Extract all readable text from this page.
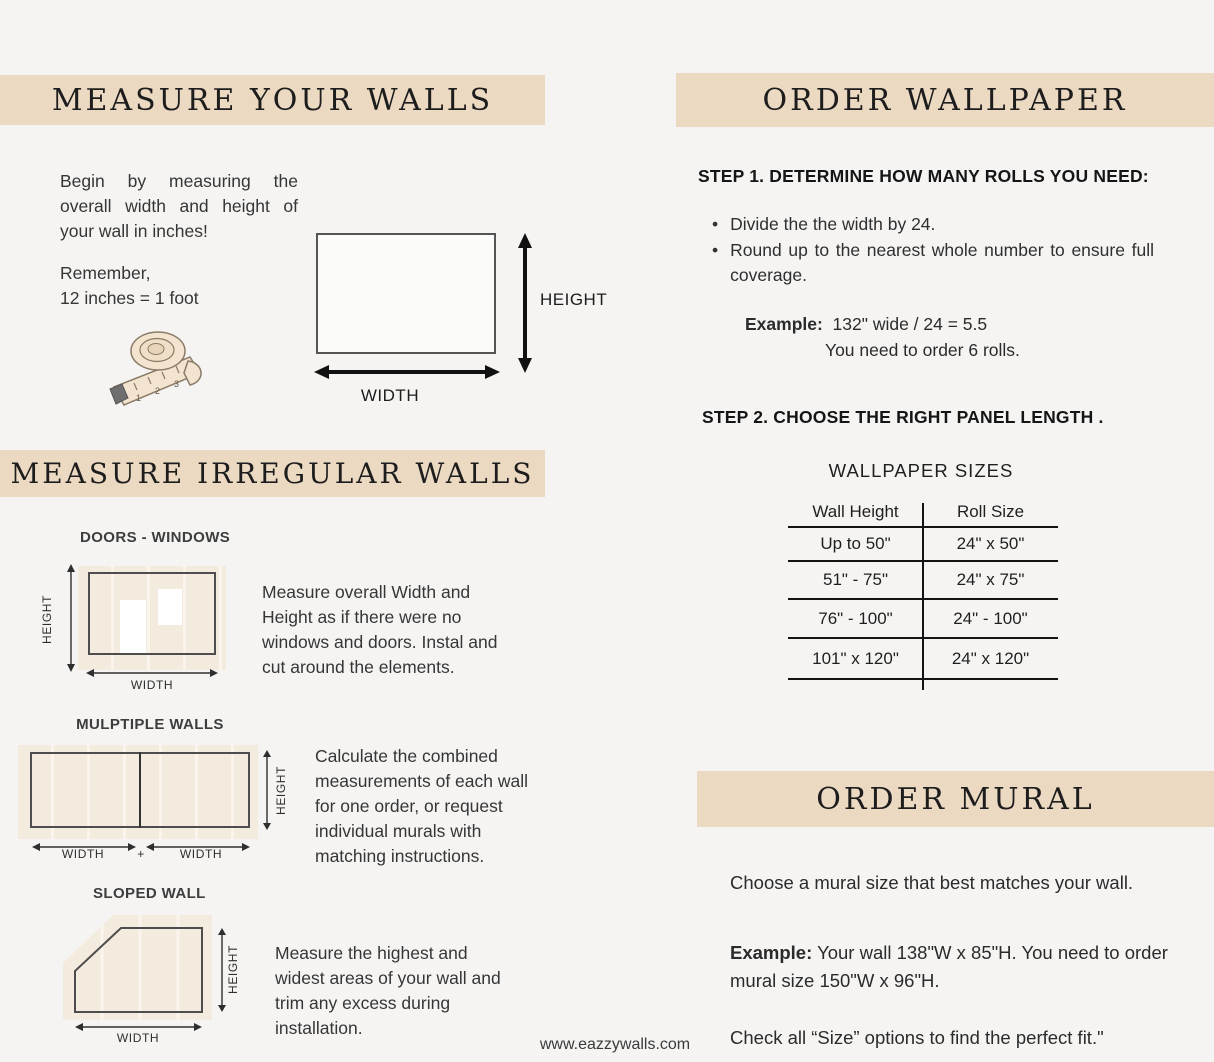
MEASURE YOUR WALLS

Begin by measuring the overall width and height of your wall in inches!

Remember,
12 inches = 1 foot
1
2
3
HEIGHT
WIDTH
MEASURE IRREGULAR WALLS
DOORS - WINDOWS
HEIGHT
WIDTH

Measure overall Width and Height as if there were no windows and doors. Instal and cut around the elements.

MULPTIPLE WALLS
HEIGHT
WIDTH	+	WIDTH

Calculate the combined measurements of each wall for one order, or request individual murals with matching instructions.

SLOPED WALL
HEIGHT
WIDTH

Measure the highest and widest areas of your wall and trim any excess during installation.

ORDER WALLPAPER
STEP 1. DETERMINE HOW MANY ROLLS YOU NEED:
• Divide the the width by 24.
• Round up to the nearest whole number to ensure full coverage.
Example: 132" wide / 24 = 5.5
You need to order 6 rolls.
STEP 2. CHOOSE THE RIGHT PANEL LENGTH .
WALLPAPER SIZES
Wall Height	Roll Size
Up to 50"	24" x 50"
51" - 75"	24" x 75"
76" - 100"	24" - 100"
101" x 120"	24" x 120"
ORDER MURAL

Choose a mural size that best matches your wall.

Example: Your wall 138"W x 85"H. You need to order mural size 150"W x 96"H.

Check all “Size” options to find the perfect fit."

www.eazzywalls.com
